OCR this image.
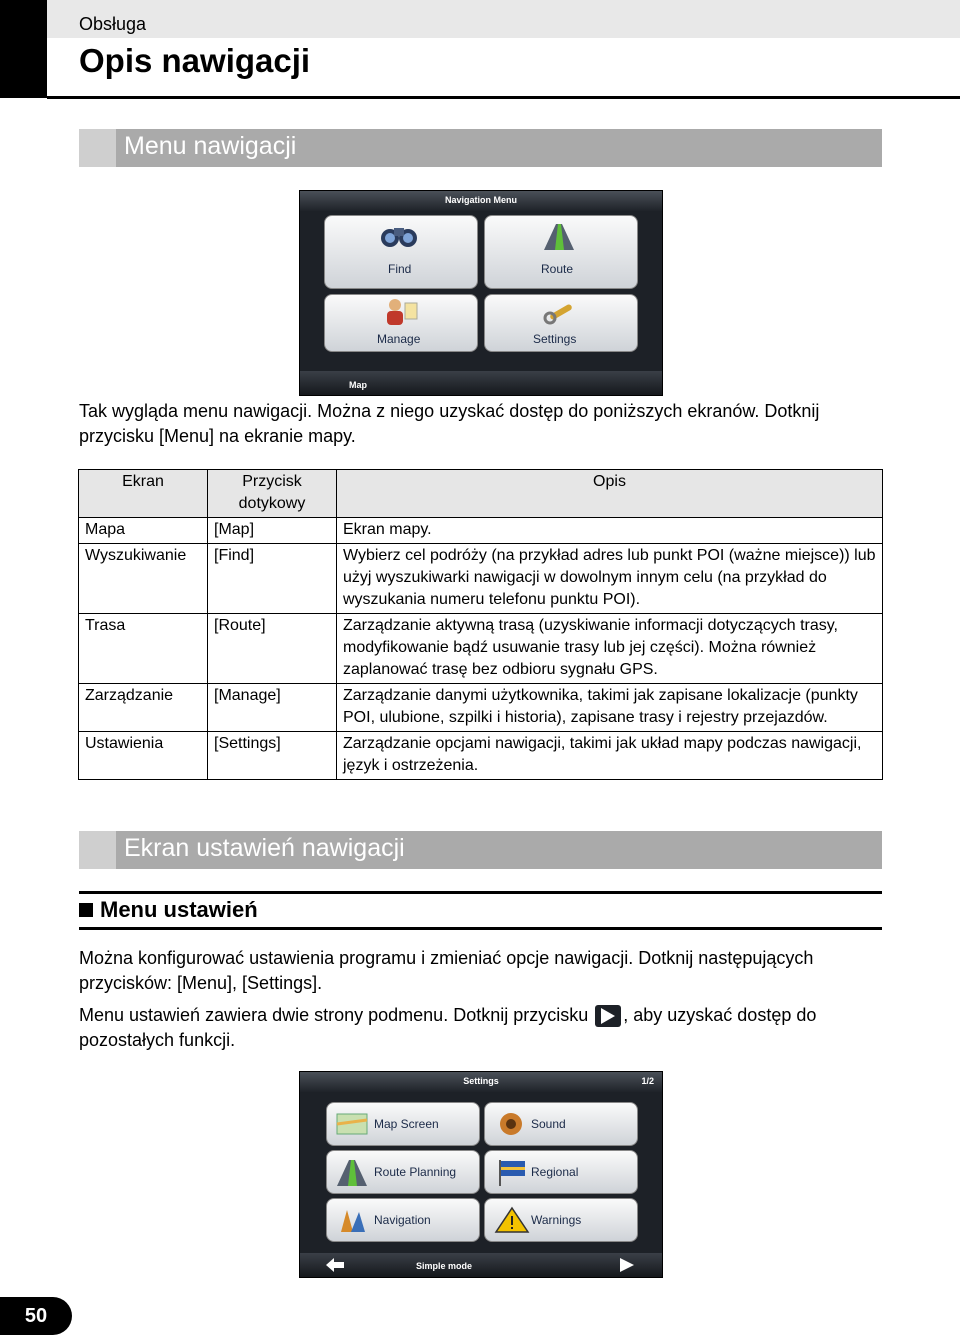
Obsługa
Opis nawigacji
Menu nawigacji
Navigation Menu
Find	Route
Manage	Settings
Map
Tak wygląda menu nawigacji. Można z niego uzyskać dostęp do poniższych ekranów. Dotknij przycisku [Menu] na ekranie mapy.
Ekran	Przycisk dotykowy	Opis
Mapa	[Map]	Ekran mapy.
Wyszukiwanie	[Find]	Wybierz cel podróży (na przykład adres lub punkt POI (ważne miejsce)) lub użyj wyszukiwarki nawigacji w dowolnym innym celu (na przykład do wyszukania numeru telefonu punktu POI).
Trasa	[Route]	Zarządzanie aktywną trasą (uzyskiwanie informacji dotyczących trasy, modyfikowanie bądź usuwanie trasy lub jej części). Można również zaplanować trasę bez odbioru sygnału GPS.
Zarządzanie	[Manage]	Zarządzanie danymi użytkownika, takimi jak zapisane lokalizacje (punkty POI, ulubione, szpilki i historia), zapisane trasy i rejestry przejazdów.
Ustawienia	[Settings]	Zarządzanie opcjami nawigacji, takimi jak układ mapy podczas nawigacji, język i ostrzeżenia.
Ekran ustawień nawigacji
Menu ustawień
Można konfigurować ustawienia programu i zmieniać opcje nawigacji. Dotknij następujących przycisków: [Menu], [Settings].
Menu ustawień zawiera dwie strony podmenu. Dotknij przycisku , aby uzyskać dostęp do pozostałych funkcji.
Settings	1/2
Map Screen	Sound
Route Planning	Regional
Navigation	Warnings
Simple mode
50
